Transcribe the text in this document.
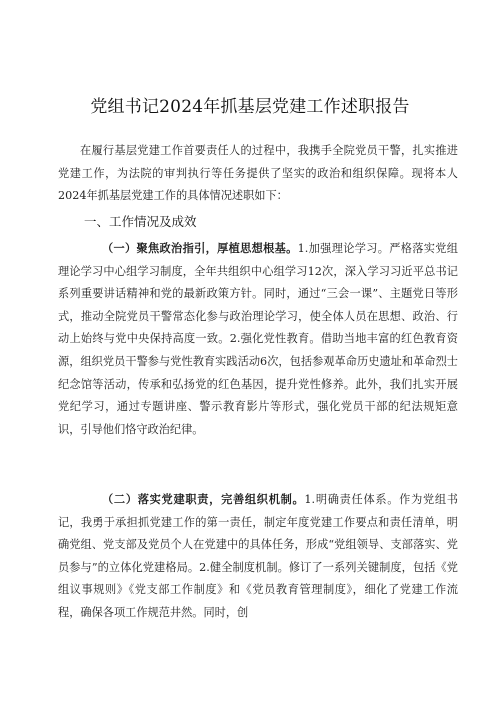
党组书记2024年抓基层党建工作述职报告

在履行基层党建工作首要责任人的过程中，我携手全院党员干警，扎实推进党建工作，为法院的审判执行等任务提供了坚实的政治和组织保障。现将本人2024年抓基层党建工作的具体情况述职如下：

一、工作情况及成效

（一）聚焦政治指引，厚植思想根基。1.加强理论学习。严格落实党组理论学习中心组学习制度，全年共组织中心组学习12次，深入学习习近平总书记系列重要讲话精神和党的最新政策方针。同时，通过“三会一课”、主题党日等形式，推动全院党员干警常态化参与政治理论学习，使全体人员在思想、政治、行动上始终与党中央保持高度一致。2.强化党性教育。借助当地丰富的红色教育资源，组织党员干警参与党性教育实践活动6次，包括参观革命历史遗址和革命烈士纪念馆等活动，传承和弘扬党的红色基因，提升党性修养。此外，我们扎实开展党纪学习，通过专题讲座、警示教育影片等形式，强化党员干部的纪法规矩意识，引导他们恪守政治纪律。

（二）落实党建职责，完善组织机制。1.明确责任体系。作为党组书记，我勇于承担抓党建工作的第一责任，制定年度党建工作要点和责任清单，明确党组、党支部及党员个人在党建中的具体任务，形成“党组领导、支部落实、党员参与”的立体化党建格局。2.健全制度机制。修订了一系列关键制度，包括《党组议事规则》《党支部工作制度》和《党员教育管理制度》，细化了党建工作流程，确保各项工作规范井然。同时，创
